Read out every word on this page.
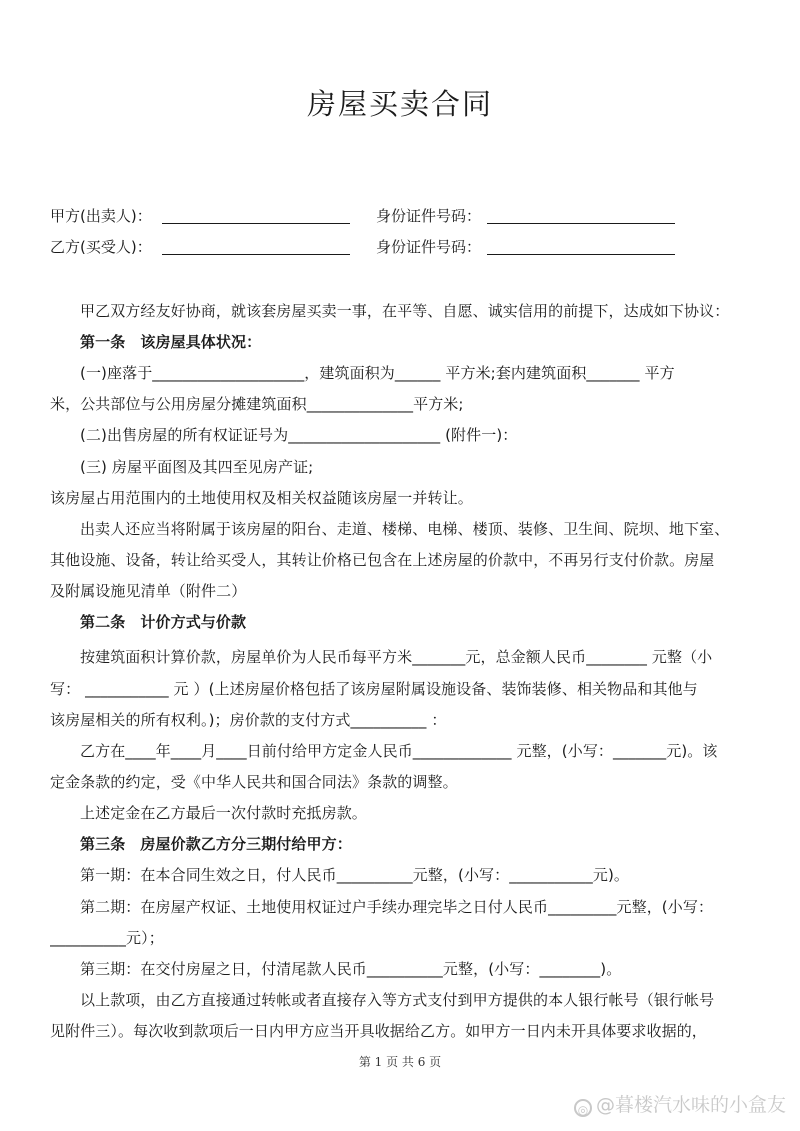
房屋买卖合同
甲方(出卖人)：	身份证件号码：
乙方(买受人)：	身份证件号码：
甲乙双方经友好协商，就该套房屋买卖一事，在平等、自愿、诚实信用的前提下，达成如下协议：
第一条　该房屋具体状况：
(一)座落于____________________，建筑面积为______ 平方米;套内建筑面积_______ 平方
米，公共部位与公用房屋分摊建筑面积______________平方米;
(二)出售房屋的所有权证证号为____________________ (附件一)：
(三) 房屋平面图及其四至见房产证;
该房屋占用范围内的土地使用权及相关权益随该房屋一并转让。
出卖人还应当将附属于该房屋的阳台、走道、楼梯、电梯、楼顶、装修、卫生间、院坝、地下室、
其他设施、设备，转让给买受人，其转让价格已包含在上述房屋的价款中，不再另行支付价款。房屋
及附属设施见清单（附件二）
第二条　计价方式与价款
按建筑面积计算价款，房屋单价为人民币每平方米_______元，总金额人民币________ 元整（小
写： ___________ 元 ）(上述房屋价格包括了该房屋附属设施设备、装饰装修、相关物品和其他与
该房屋相关的所有权利。)；房价款的支付方式__________ ：
乙方在____年____月____日前付给甲方定金人民币_____________ 元整，(小写：_______元)。该
定金条款的约定，受《中华人民共和国合同法》条款的调整。
上述定金在乙方最后一次付款时充抵房款。
第三条　房屋价款乙方分三期付给甲方：
第一期：在本合同生效之日，付人民币__________元整，(小写：___________元)。
第二期：在房屋产权证、土地使用权证过户手续办理完毕之日付人民币_________元整，(小写：
__________元）；
第三期：在交付房屋之日，付清尾款人民币__________元整，(小写：________)。
以上款项，由乙方直接通过转帐或者直接存入等方式支付到甲方提供的本人银行帐号（银行帐号
见附件三）。每次收到款项后一日内甲方应当开具收据给乙方。如甲方一日内未开具体要求收据的，
第 1 页 共 6 页
◎ @暮楼汽水味的小盒友
